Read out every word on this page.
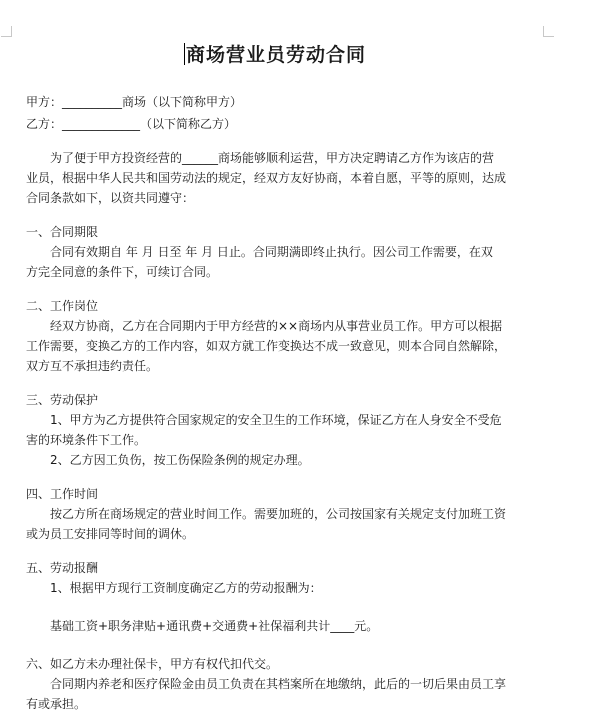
商场营业员劳动合同
甲方：__________商场（以下简称甲方）
乙方：_____________（以下简称乙方）
为了便于甲方投资经营的______商场能够顺利运营，甲方决定聘请乙方作为该店的营
业员，根据中华人民共和国劳动法的规定，经双方友好协商，本着自愿，平等的原则，达成
合同条款如下，以资共同遵守：
一、合同期限
合同有效期自 年 月 日至 年 月 日止。合同期满即终止执行。因公司工作需要，在双
方完全同意的条件下，可续订合同。
二、工作岗位
经双方协商，乙方在合同期内于甲方经营的××商场内从事营业员工作。甲方可以根据
工作需要，变换乙方的工作内容，如双方就工作变换达不成一致意见，则本合同自然解除，
双方互不承担违约责任。
三、劳动保护
1、甲方为乙方提供符合国家规定的安全卫生的工作环境，保证乙方在人身安全不受危
害的环境条件下工作。
2、乙方因工负伤，按工伤保险条例的规定办理。
四、工作时间
按乙方所在商场规定的营业时间工作。需要加班的，公司按国家有关规定支付加班工资
或为员工安排同等时间的调休。
五、劳动报酬
1、根据甲方现行工资制度确定乙方的劳动报酬为：
基础工资+职务津贴+通讯费+交通费+社保福利共计____元。
六、如乙方未办理社保卡，甲方有权代扣代交。
合同期内养老和医疗保险金由员工负责在其档案所在地缴纳，此后的一切后果由员工享
有或承担。
